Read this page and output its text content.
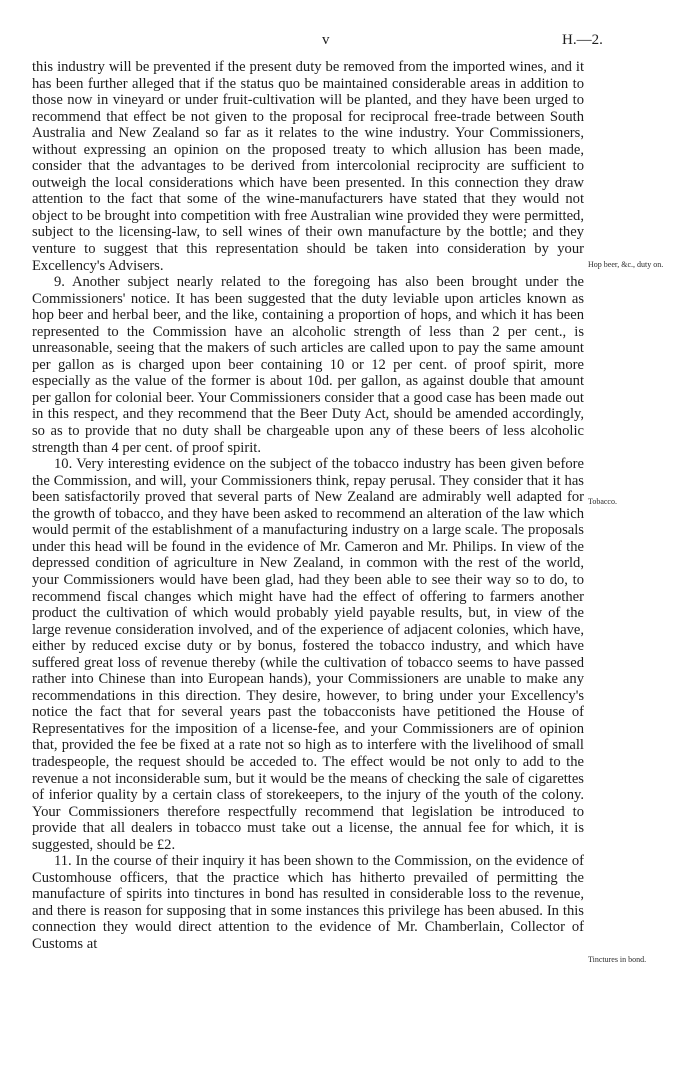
v	H.—2.

this industry will be prevented if the present duty be removed from the imported wines, and it has been further alleged that if the status quo be maintained considerable areas in addition to those now in vineyard or under fruit-cultivation will be planted, and they have been urged to recommend that effect be not given to the proposal for reciprocal free-trade between South Australia and New Zealand so far as it relates to the wine industry. Your Commissioners, without expressing an opinion on the proposed treaty to which allusion has been made, consider that the advantages to be derived from intercolonial reciprocity are sufficient to outweigh the local considerations which have been presented. In this connection they draw attention to the fact that some of the wine-manufacturers have stated that they would not object to be brought into competition with free Australian wine provided they were permitted, subject to the licensing-law, to sell wines of their own manufacture by the bottle; and they venture to suggest that this representation should be taken into consideration by your Excellency's Advisers.

9. Another subject nearly related to the foregoing has also been brought under the Commissioners' notice. It has been suggested that the duty leviable upon articles known as hop beer and herbal beer, and the like, containing a proportion of hops, and which it has been represented to the Commission have an alcoholic strength of less than 2 per cent., is unreasonable, seeing that the makers of such articles are called upon to pay the same amount per gallon as is charged upon beer containing 10 or 12 per cent. of proof spirit, more especially as the value of the former is about 10d. per gallon, as against double that amount per gallon for colonial beer. Your Commissioners consider that a good case has been made out in this respect, and they recommend that the Beer Duty Act, should be amended accordingly, so as to provide that no duty shall be chargeable upon any of these beers of less alcoholic strength than 4 per cent. of proof spirit.

10. Very interesting evidence on the subject of the tobacco industry has been given before the Commission, and will, your Commissioners think, repay perusal. They consider that it has been satisfactorily proved that several parts of New Zealand are admirably well adapted for the growth of tobacco, and they have been asked to recommend an alteration of the law which would permit of the establishment of a manufacturing industry on a large scale. The proposals under this head will be found in the evidence of Mr. Cameron and Mr. Philips. In view of the depressed condition of agriculture in New Zealand, in common with the rest of the world, your Commissioners would have been glad, had they been able to see their way so to do, to recommend fiscal changes which might have had the effect of offering to farmers another product the cultivation of which would probably yield payable results, but, in view of the large revenue consideration involved, and of the experience of adjacent colonies, which have, either by reduced excise duty or by bonus, fostered the tobacco industry, and which have suffered great loss of revenue thereby (while the cultivation of tobacco seems to have passed rather into Chinese than into European hands), your Commissioners are unable to make any recommendations in this direction. They desire, however, to bring under your Excellency's notice the fact that for several years past the tobacconists have petitioned the House of Representatives for the imposition of a license-fee, and your Commissioners are of opinion that, provided the fee be fixed at a rate not so high as to interfere with the livelihood of small tradespeople, the request should be acceded to. The effect would be not only to add to the revenue a not inconsiderable sum, but it would be the means of checking the sale of cigarettes of inferior quality by a certain class of storekeepers, to the injury of the youth of the colony. Your Commissioners therefore respectfully recommend that legislation be introduced to provide that all dealers in tobacco must take out a license, the annual fee for which, it is suggested, should be £2.

11. In the course of their inquiry it has been shown to the Commission, on the evidence of Customhouse officers, that the practice which has hitherto prevailed of permitting the manufacture of spirits into tinctures in bond has resulted in considerable loss to the revenue, and there is reason for supposing that in some instances this privilege has been abused. In this connection they would direct attention to the evidence of Mr. Chamberlain, Collector of Customs at

Hop beer, &c., duty on.
Tobacco.
Tinctures in bond.
